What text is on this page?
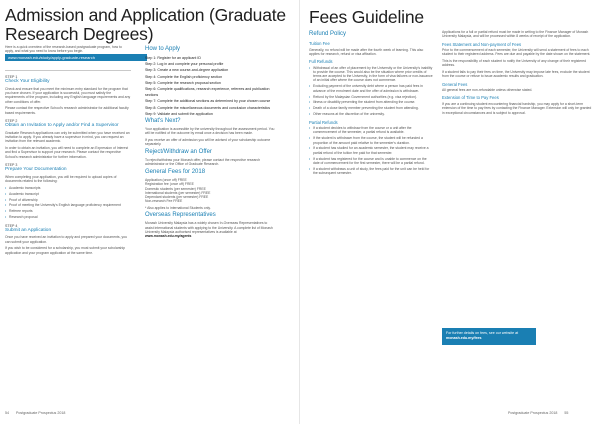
Admission and Application (Graduate Research Degrees)

Here is a quick overview of the research-based postgraduate program, how to apply, and what you need to know before you begin.

www.monash.edu/study/apply-graduate-research
STEP 1
Check Your Eligibility

Check and ensure that you meet the minimum entry standard for the program that you have chosen. If your application is successful, you must satisfy the requirements of the program, including any English language requirements and any other conditions of offer.

Please contact the respective School's research administrator for additional faculty based requirements.

STEP 2
Obtain an Invitation to Apply and/or Find a Supervisor

Graduate Research applications can only be submitted when you have received an invitation to apply. If you already have a supervisor in mind, you can request an invitation from the relevant academic.

In order to obtain an invitation, you will need to complete an Expression of Interest and find a Supervisor to support your research. Please contact the respective School's research administrator for further information.

STEP 3
Prepare Your Documentation

When completing your application, you will be required to upload copies of documents related to the following:

• Academic transcripts
• Academic transcript
• Proof of citizenship
• Proof of meeting the University's English language proficiency requirement
• Referee reports
• Research proposal
STEP 4
Submit an Application

Once you have received an invitation to apply and prepared your documents, you can submit your application.

If you wish to be considered for a scholarship, you must submit your scholarship application and your program application at the same time.

How to Apply
Step 1: Register for an applicant ID
Step 2: Log in and complete your personal profile
Step 3: Create a new course-and-degree application
Step 4: Complete the English proficiency section
Step 5: Complete the research proposal section
Step 6: Complete qualifications, research experience, referees and publication sections
Step 7: Complete the additional sections as determined by your chosen course
Step 8: Complete the miscellaneous documents and conclusion characteristics
Step 9: Validate and submit the application
What's Next?

Your application is accessible by the university throughout the assessment period. You will be notified of the outcome by email once a decision has been made.

If you receive an offer of admission you will be advised of your scholarship outcome separately.

Reject/Withdraw an Offer

To reject/withdraw your Monash offer, please contact the respective research administrator or the Office of Graduate Research.

General Fees for 2018
Application (once off) FREE
Registration fee (once off) FREE
Domestic students (per semester) FREE
International students (per semester) FREE
Dependant students (per semester) FREE
Non-research Fee FREE

* Also applies to international Students only.

Overseas Representatives

Monash University Malaysia has a widely chosen In-Overseas Representatives to assist international students with applying to the University. A complete list of Monash University Malaysia authorised representatives is available at www.monash.edu.my/agents

54 Postgraduate Prospectus 2018
Fees Guideline
Refund Policy
Tuition Fee

Generally, no refund will be made after the fourth week of learning. This also applies for research, refund or visa affixation.

Full Refunds
• Withdrawal of an offer of placement by the University or the University's inability to provide the course. This would also be the situation where prior credits of terms are accepted to the University, in the form of visa failures or non-issuance of an initial offer where the course does not commence.
• Excluding payment of the university debt where a person has paid fees in advance of the enrolment date and the offer of admission is withdrawn.
• Refund by the Malaysian Government authorities (e.g. visa rejection).
• Illness or disability preventing the student from attending the course.
• Death of a close family member preventing the student from attending.
• Other reasons at the discretion of the university.
Partial Refunds
• If a student decides to withdraw from the course or a unit after the commencement of the semester, a partial refund is available.
• If the student is withdrawn from the course, the student will be refunded a proportion of the amount paid relative to the semester's duration.
• If a student has studied for an academic semester, the student may receive a partial refund of the tuition fee paid for that semester.
• If a student has registered for the course and is unable to commence on the date of commencement for the first semester, there will be a partial refund.
• If a student withdraws a unit of study, the fees paid for the unit can be held for the subsequent semester.

Applications for a full or partial refund must be made in writing to the Finance Manager of Monash University Malaysia, and will be processed within 8 weeks of receipt of the application.

Fees Statement and Non-payment of Fees

Prior to the commencement of each semester, the University will send a statement of fees to each student to their registered address. Fees are due and payable by the date shown on the statement.

This is the responsibility of each student to notify the University of any change of their registered address.

If a student fails to pay their fees on time, the University may impose late fees, exclude the student from the course or refuse to issue academic results and graduation.

General Fees

All general fees are non-refundable unless otherwise stated.

Extension of Time to Pay Fees

If you are a continuing student encountering financial hardship, you may apply for a short-term extension of the time to pay fees by contacting the Finance Manager. Extension will only be granted in exceptional circumstances and is subject to approval.

For further details on fees, see our website at
monash.edu.my/fees
Postgraduate Prospectus 2018 55
